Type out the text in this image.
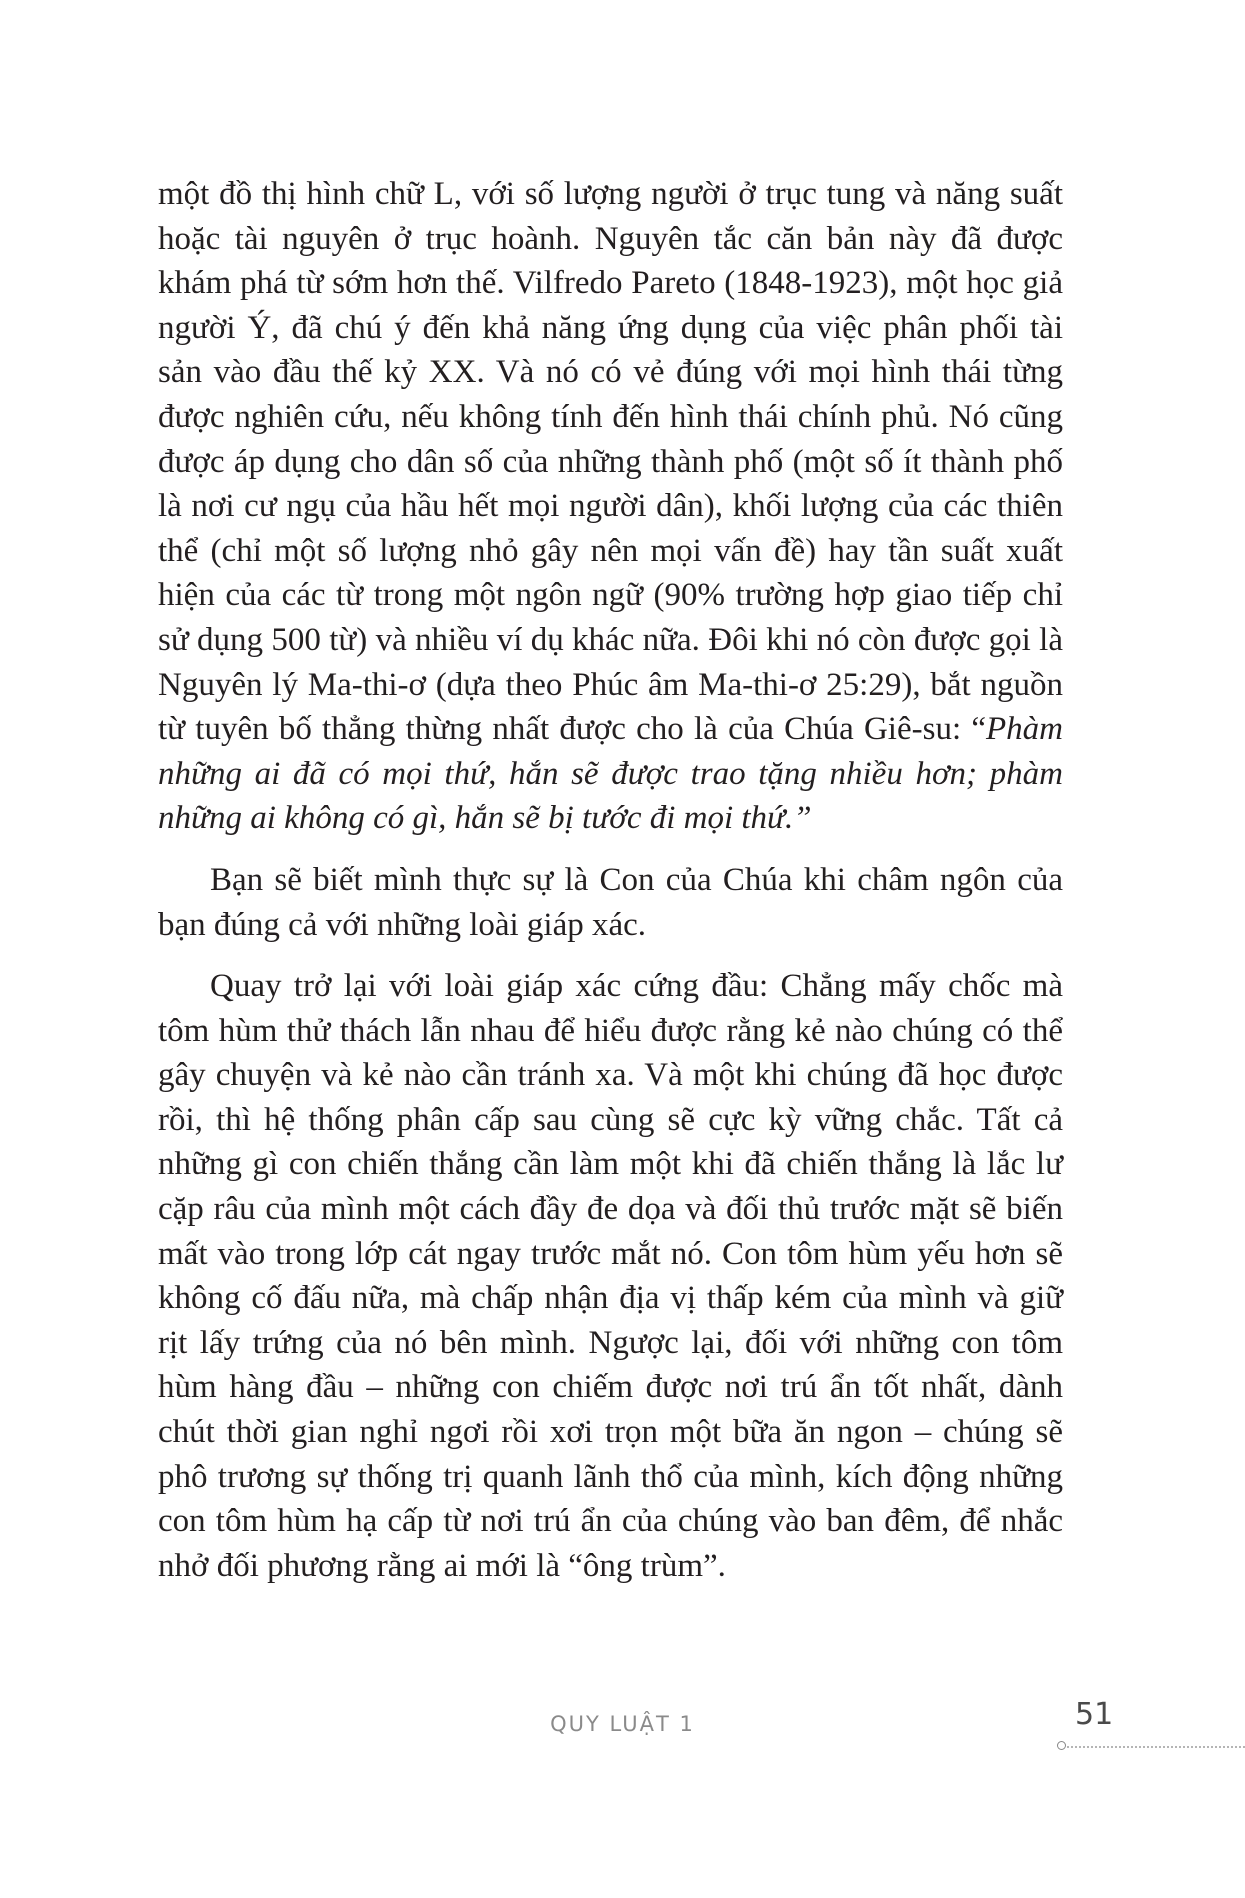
một đồ thị hình chữ L, với số lượng người ở trục tung và năng suất hoặc tài nguyên ở trục hoành. Nguyên tắc căn bản này đã được khám phá từ sớm hơn thế. Vilfredo Pareto (1848-1923), một học giả người Ý, đã chú ý đến khả năng ứng dụng của việc phân phối tài sản vào đầu thế kỷ XX. Và nó có vẻ đúng với mọi hình thái từng được nghiên cứu, nếu không tính đến hình thái chính phủ. Nó cũng được áp dụng cho dân số của những thành phố (một số ít thành phố là nơi cư ngụ của hầu hết mọi người dân), khối lượng của các thiên thể (chỉ một số lượng nhỏ gây nên mọi vấn đề) hay tần suất xuất hiện của các từ trong một ngôn ngữ (90% trường hợp giao tiếp chỉ sử dụng 500 từ) và nhiều ví dụ khác nữa. Đôi khi nó còn được gọi là Nguyên lý Ma-thi-ơ (dựa theo Phúc âm Ma-thi-ơ 25:29), bắt nguồn từ tuyên bố thẳng thừng nhất được cho là của Chúa Giê-su: “Phàm những ai đã có mọi thứ, hắn sẽ được trao tặng nhiều hơn; phàm những ai không có gì, hắn sẽ bị tước đi mọi thứ.”

Bạn sẽ biết mình thực sự là Con của Chúa khi châm ngôn của bạn đúng cả với những loài giáp xác.

Quay trở lại với loài giáp xác cứng đầu: Chẳng mấy chốc mà tôm hùm thử thách lẫn nhau để hiểu được rằng kẻ nào chúng có thể gây chuyện và kẻ nào cần tránh xa. Và một khi chúng đã học được rồi, thì hệ thống phân cấp sau cùng sẽ cực kỳ vững chắc. Tất cả những gì con chiến thắng cần làm một khi đã chiến thắng là lắc lư cặp râu của mình một cách đầy đe dọa và đối thủ trước mặt sẽ biến mất vào trong lớp cát ngay trước mắt nó. Con tôm hùm yếu hơn sẽ không cố đấu nữa, mà chấp nhận địa vị thấp kém của mình và giữ rịt lấy trứng của nó bên mình. Ngược lại, đối với những con tôm hùm hàng đầu – những con chiếm được nơi trú ẩn tốt nhất, dành chút thời gian nghỉ ngơi rồi xơi trọn một bữa ăn ngon – chúng sẽ phô trương sự thống trị quanh lãnh thổ của mình, kích động những con tôm hùm hạ cấp từ nơi trú ẩn của chúng vào ban đêm, để nhắc nhở đối phương rằng ai mới là “ông trùm”.

QUY LUẬT 1	51
